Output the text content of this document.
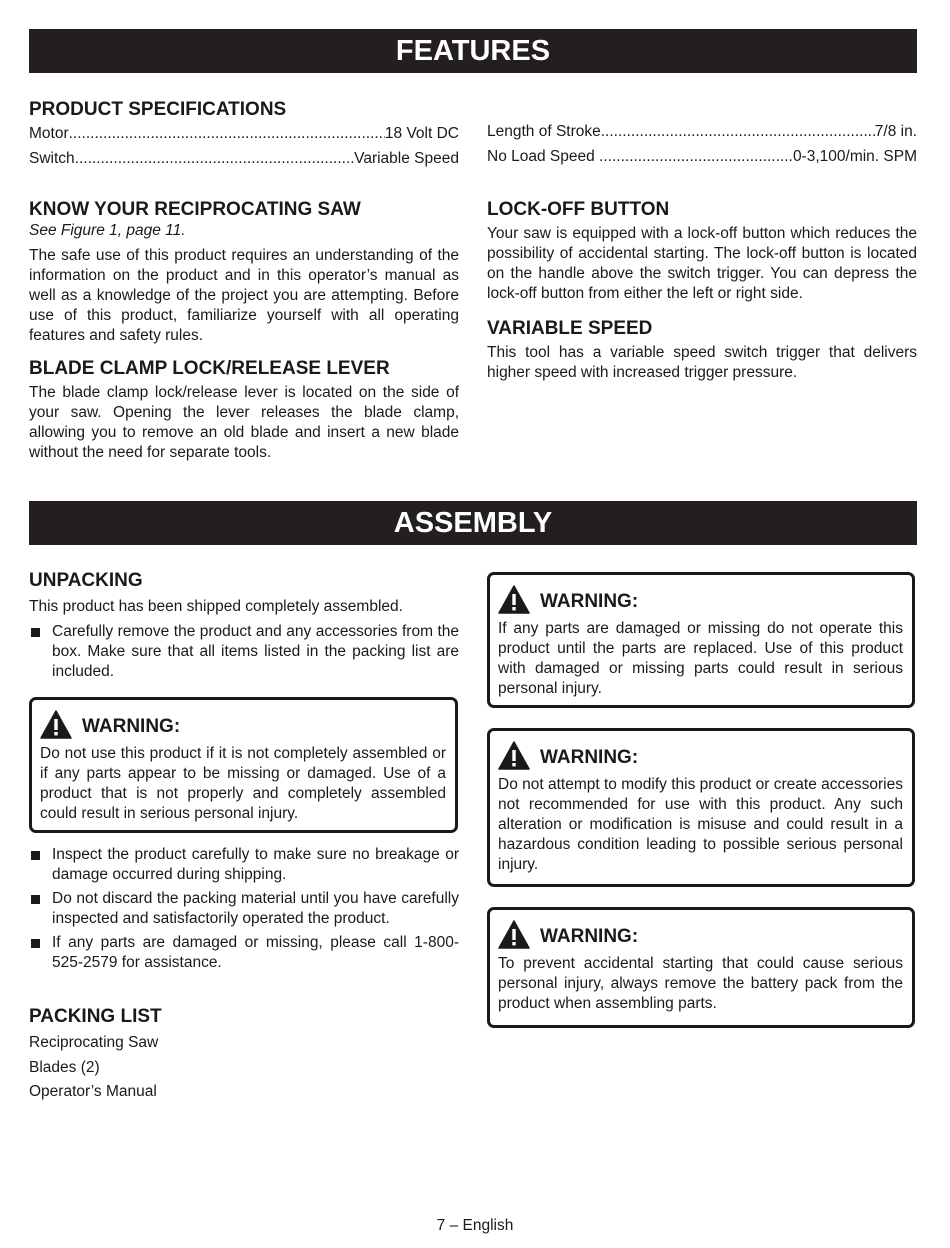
FEATURES
PRODUCT SPECIFICATIONS
Motor .....	18 Volt DC
Switch .....	Variable Speed
Length of Stroke .....	7/8 in.
No Load Speed .....	0-3,100/min. SPM
KNOW YOUR RECIPROCATING SAW

See Figure 1, page 11.

The safe use of this product requires an understanding of the information on the product and in this operator’s manual as well as a knowledge of the project you are attempting. Before use of this product, familiarize yourself with all operating features and safety rules.

BLADE CLAMP LOCK/RELEASE LEVER

The blade clamp lock/release lever is located on the side of your saw. Opening the lever releases the blade clamp, allowing you to remove an old blade and insert a new blade without the need for separate tools.

LOCK-OFF BUTTON

Your saw is equipped with a lock-off button which reduces the possibility of accidental starting. The lock-off button is located on the handle above the switch trigger. You can depress the lock-off button from either the left or right side.

VARIABLE SPEED

This tool has a variable speed switch trigger that delivers higher speed with increased trigger pressure.

ASSEMBLY
UNPACKING

This product has been shipped completely assembled.

Carefully remove the product and any accessories from the box. Make sure that all items listed in the packing list are included.
WARNING:

Do not use this product if it is not completely assembled or if any parts appear to be missing or damaged. Use of a product that is not properly and completely assembled could result in serious personal injury.

Inspect the product carefully to make sure no breakage or damage occurred during shipping.
Do not discard the packing material until you have carefully inspected and satisfactorily operated the product.
If any parts are damaged or missing, please call 1-800-525-2579 for assistance.
PACKING LIST
Reciprocating Saw
Blades (2)
Operator’s Manual
WARNING:

If any parts are damaged or missing do not operate this product until the parts are replaced. Use of this product with damaged or missing parts could result in serious personal injury.

WARNING:

Do not attempt to modify this product or create accessories not recommended for use with this product. Any such alteration or modification is misuse and could result in a hazardous condition leading to possible serious personal injury.

WARNING:

To prevent accidental starting that could cause serious personal injury, always remove the battery pack from the product when assembling parts.

7 – English
